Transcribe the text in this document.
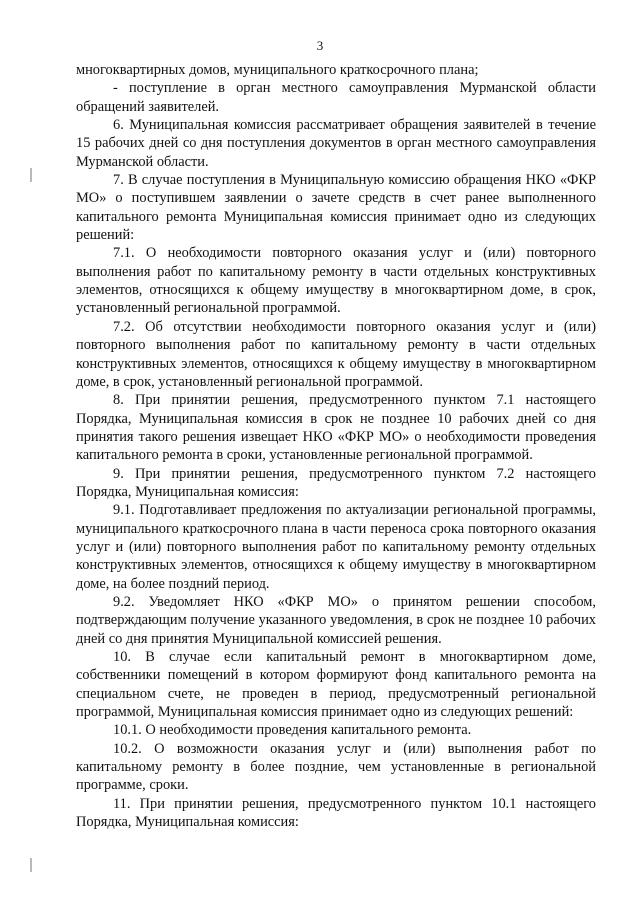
3

многоквартирных домов, муниципального краткосрочного плана;

- поступление в орган местного самоуправления Мурманской области обращений заявителей.

6. Муниципальная комиссия рассматривает обращения заявителей в течение 15 рабочих дней со дня поступления документов в орган местного самоуправления Мурманской области.

7. В случае поступления в Муниципальную комиссию обращения НКО «ФКР МО» о поступившем заявлении о зачете средств в счет ранее выполненного капитального ремонта Муниципальная комиссия принимает одно из следующих решений:

7.1. О необходимости повторного оказания услуг и (или) повторного выполнения работ по капитальному ремонту в части отдельных конструктивных элементов, относящихся к общему имуществу в многоквартирном доме, в срок, установленный региональной программой.

7.2. Об отсутствии необходимости повторного оказания услуг и (или) повторного выполнения работ по капитальному ремонту в части отдельных конструктивных элементов, относящихся к общему имуществу в многоквартирном доме, в срок, установленный региональной программой.

8. При принятии решения, предусмотренного пунктом 7.1 настоящего Порядка, Муниципальная комиссия в срок не позднее 10 рабочих дней со дня принятия такого решения извещает НКО «ФКР МО» о необходимости проведения капитального ремонта в сроки, установленные региональной программой.

9. При принятии решения, предусмотренного пунктом 7.2 настоящего Порядка, Муниципальная комиссия:

9.1. Подготавливает предложения по актуализации региональной программы, муниципального краткосрочного плана в части переноса срока повторного оказания услуг и (или) повторного выполнения работ по капитальному ремонту отдельных конструктивных элементов, относящихся к общему имуществу в многоквартирном доме, на более поздний период.

9.2. Уведомляет НКО «ФКР МО» о принятом решении способом, подтверждающим получение указанного уведомления, в срок не позднее 10 рабочих дней со дня принятия Муниципальной комиссией решения.

10. В случае если капитальный ремонт в многоквартирном доме, собственники помещений в котором формируют фонд капитального ремонта на специальном счете, не проведен в период, предусмотренный региональной программой, Муниципальная комиссия принимает одно из следующих решений:

10.1. О необходимости проведения капитального ремонта.

10.2. О возможности оказания услуг и (или) выполнения работ по капитальному ремонту в более поздние, чем установленные в региональной программе, сроки.

11. При принятии решения, предусмотренного пунктом 10.1 настоящего Порядка, Муниципальная комиссия:
